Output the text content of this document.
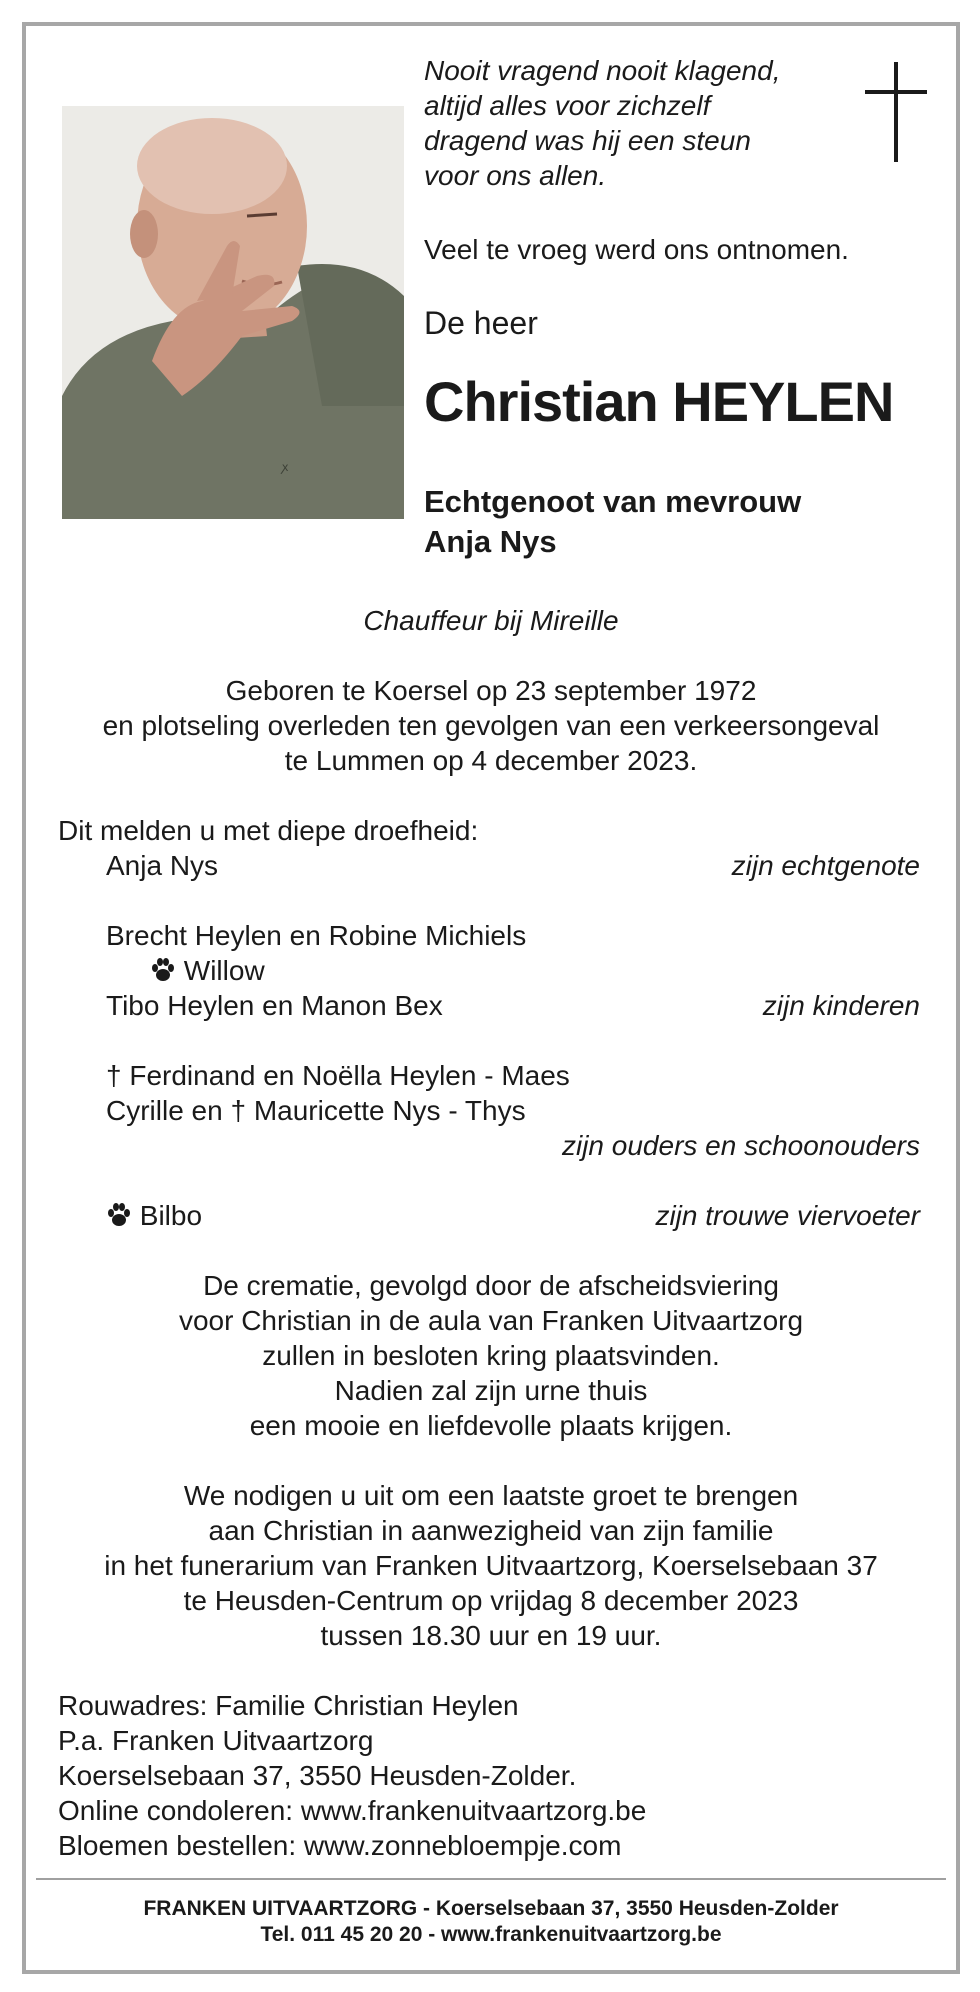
ꭗ
Nooit vragend nooit klagend,
altijd alles voor zichzelf
dragend was hij een steun
voor ons allen.
Veel te vroeg werd ons ontnomen.
De heer
Christian HEYLEN
Echtgenoot van mevrouw
Anja Nys
Chauffeur bij Mireille
Geboren te Koersel op 23 september 1972
en plotseling overleden ten gevolgen van een verkeersongeval
te Lummen op 4 december 2023.
Dit melden u met diepe droefheid:
Anja Nys	zijn echtgenote
Brecht Heylen en Robine Michiels
Willow
Tibo Heylen en Manon Bex	zijn kinderen
† Ferdinand en Noëlla Heylen - Maes
Cyrille en † Mauricette Nys - Thys
zijn ouders en schoonouders
Bilbo	zijn trouwe viervoeter
De crematie, gevolgd door de afscheidsviering
voor Christian in de aula van Franken Uitvaartzorg
zullen in besloten kring plaatsvinden.
Nadien zal zijn urne thuis
een mooie en liefdevolle plaats krijgen.
We nodigen u uit om een laatste groet te brengen
aan Christian in aanwezigheid van zijn familie
in het funerarium van Franken Uitvaartzorg, Koerselsebaan 37
te Heusden-Centrum op vrijdag 8 december 2023
tussen 18.30 uur en 19 uur.
Rouwadres: Familie Christian Heylen
P.a. Franken Uitvaartzorg
Koerselsebaan 37, 3550 Heusden-Zolder.
Online condoleren: www.frankenuitvaartzorg.be
Bloemen bestellen: www.zonnebloempje.com
FRANKEN UITVAARTZORG - Koerselsebaan 37, 3550 Heusden-Zolder
Tel. 011 45 20 20 - www.frankenuitvaartzorg.be
